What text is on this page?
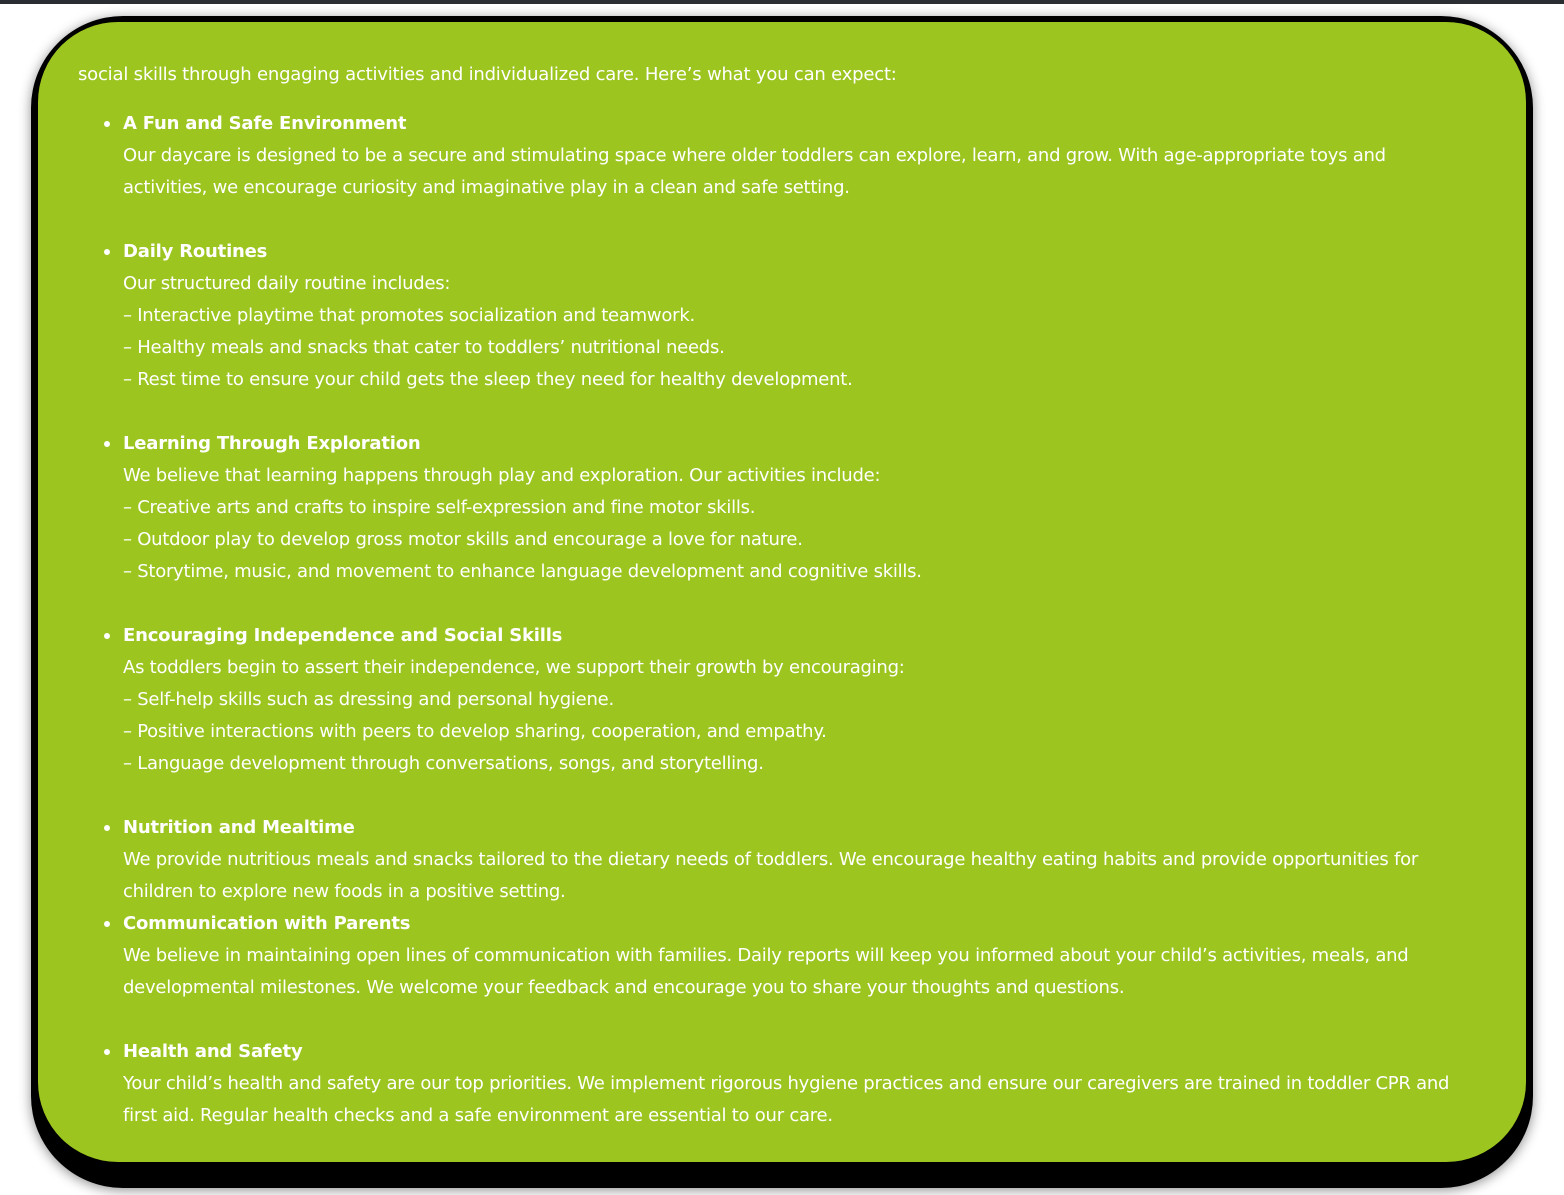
social skills through engaging activities and individualized care. Here’s what you can expect:

A Fun and Safe Environment
Our daycare is designed to be a secure and stimulating space where older toddlers can explore, learn, and grow. With age-appropriate toys and activities, we encourage curiosity and imaginative play in a clean and safe setting.
Daily Routines
Our structured daily routine includes:
– Interactive playtime that promotes socialization and teamwork.
– Healthy meals and snacks that cater to toddlers’ nutritional needs.
– Rest time to ensure your child gets the sleep they need for healthy development.
Learning Through Exploration
We believe that learning happens through play and exploration. Our activities include:
– Creative arts and crafts to inspire self-expression and fine motor skills.
– Outdoor play to develop gross motor skills and encourage a love for nature.
– Storytime, music, and movement to enhance language development and cognitive skills.
Encouraging Independence and Social Skills
As toddlers begin to assert their independence, we support their growth by encouraging:
– Self-help skills such as dressing and personal hygiene.
– Positive interactions with peers to develop sharing, cooperation, and empathy.
– Language development through conversations, songs, and storytelling.
Nutrition and Mealtime
We provide nutritious meals and snacks tailored to the dietary needs of toddlers. We encourage healthy eating habits and provide opportunities for children to explore new foods in a positive setting.
Communication with Parents
We believe in maintaining open lines of communication with families. Daily reports will keep you informed about your child’s activities, meals, and developmental milestones. We welcome your feedback and encourage you to share your thoughts and questions.
Health and Safety
Your child’s health and safety are our top priorities. We implement rigorous hygiene practices and ensure our caregivers are trained in toddler CPR and first aid. Regular health checks and a safe environment are essential to our care.
